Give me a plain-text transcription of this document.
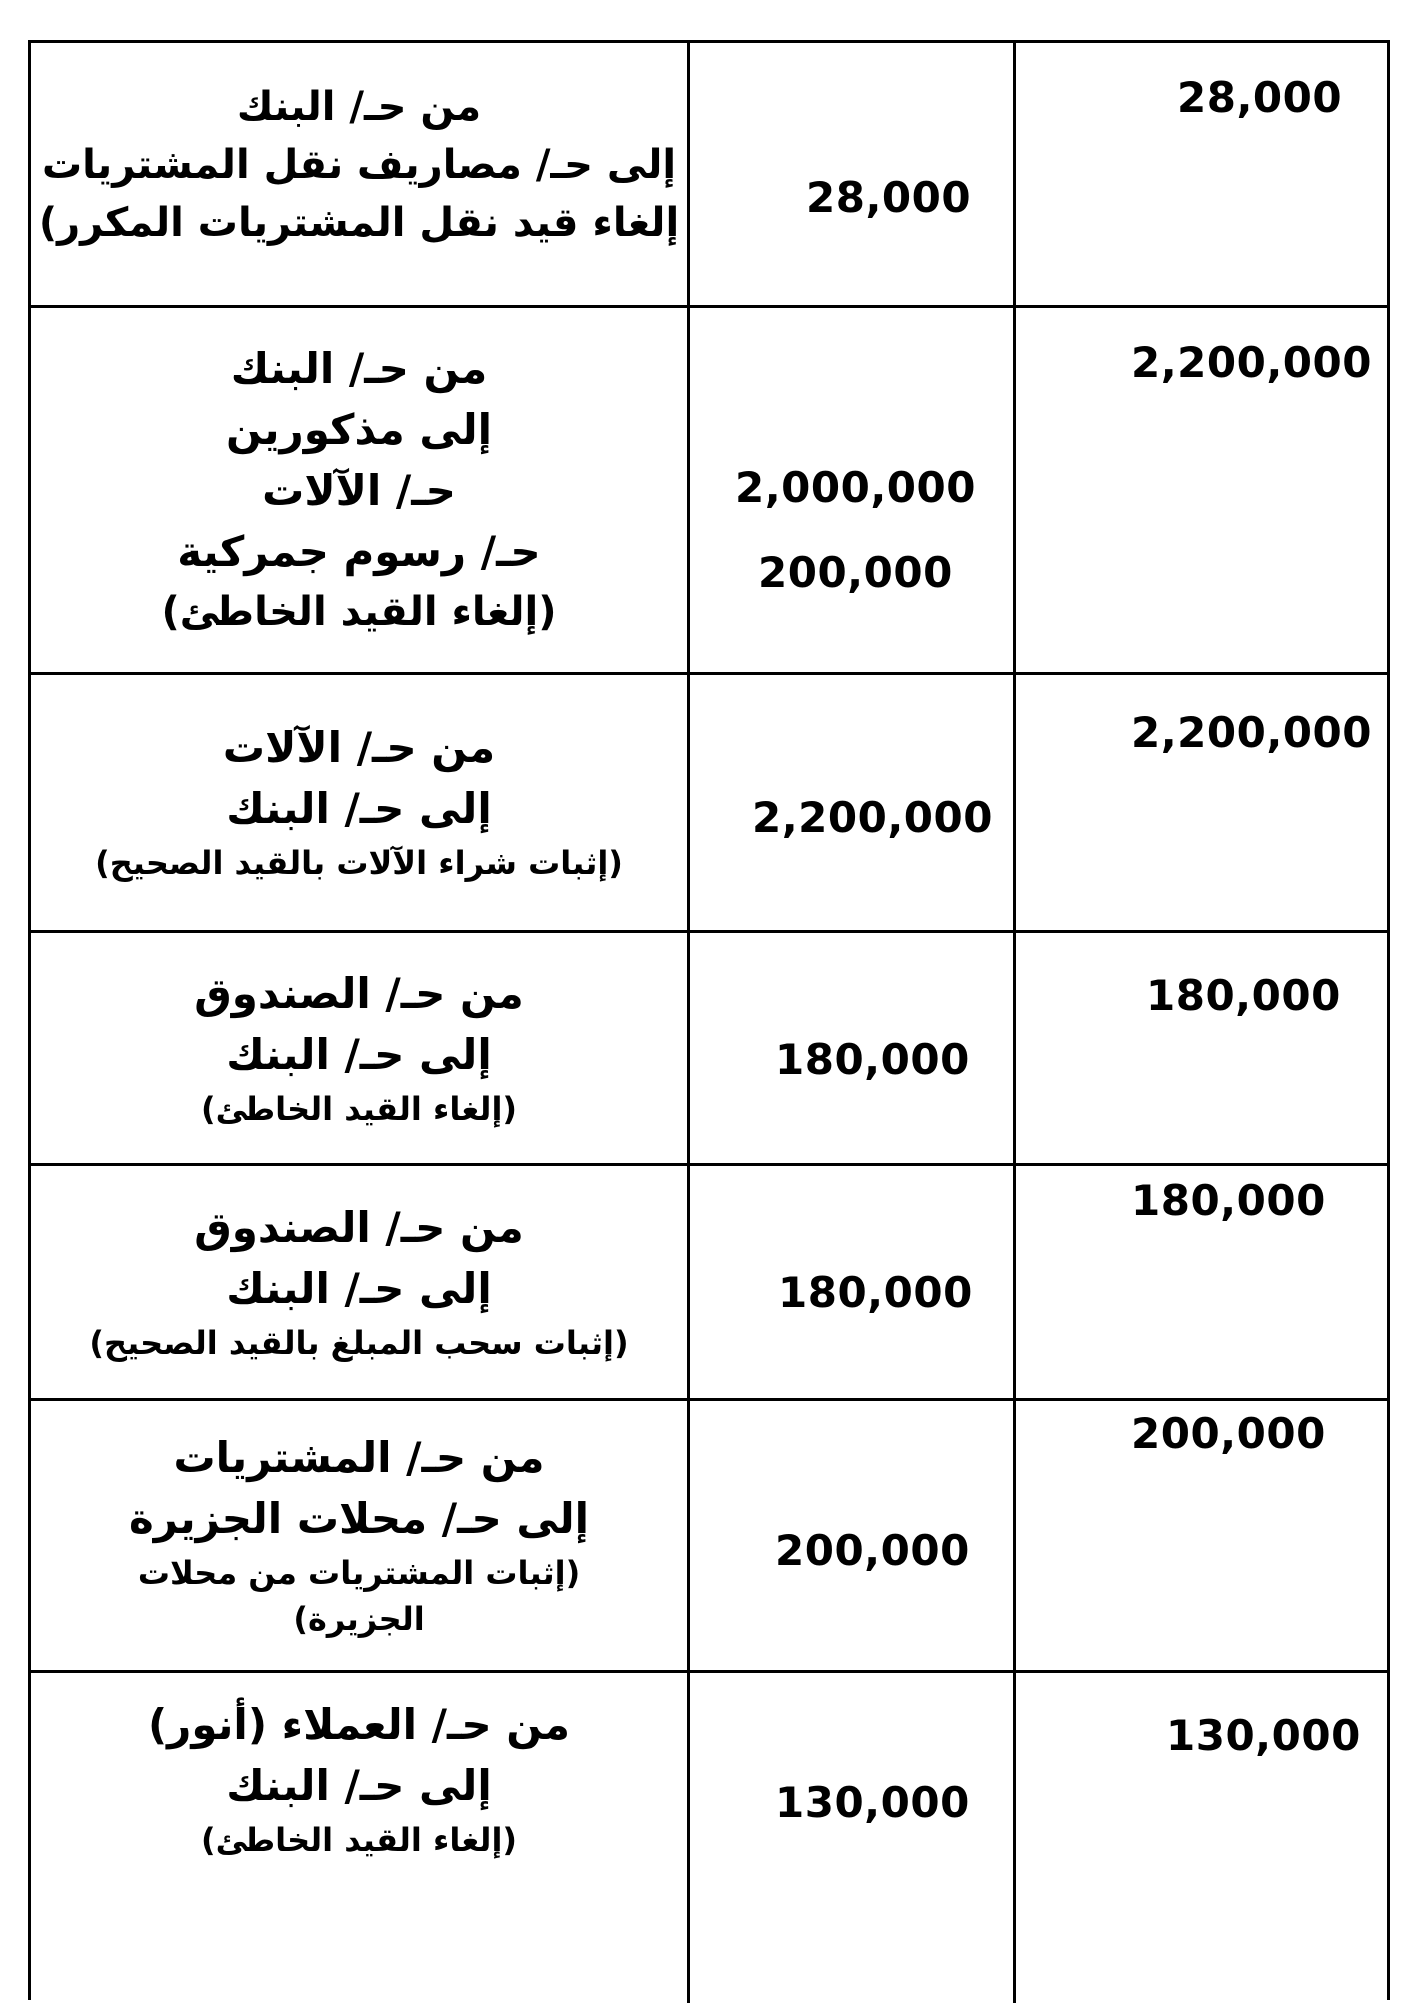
من حـ/ البنك
إلى حـ/ مصاريف نقل المشتريات
إلغاء قيد نقل المشتريات المكرر)
28,000
28,000
من حـ/ البنك
إلى مذكورين
حـ/ الآلات
حـ/ رسوم جمركية
(إلغاء القيد الخاطئ)
2,000,000
200,000
2,200,000
من حـ/ الآلات
إلى حـ/ البنك
(إثبات شراء الآلات بالقيد الصحيح)
2,200,000
2,200,000
من حـ/ الصندوق
إلى حـ/ البنك
(إلغاء القيد الخاطئ)
180,000
180,000
من حـ/ الصندوق
إلى حـ/ البنك
(إثبات سحب المبلغ بالقيد الصحيح)
180,000
180,000
من حـ/ المشتريات
إلى حـ/ محلات الجزيرة
(إثبات المشتريات من محلات
الجزيرة)
200,000
200,000
من حـ/ العملاء (أنور)
إلى حـ/ البنك
(إلغاء القيد الخاطئ)
130,000
130,000
